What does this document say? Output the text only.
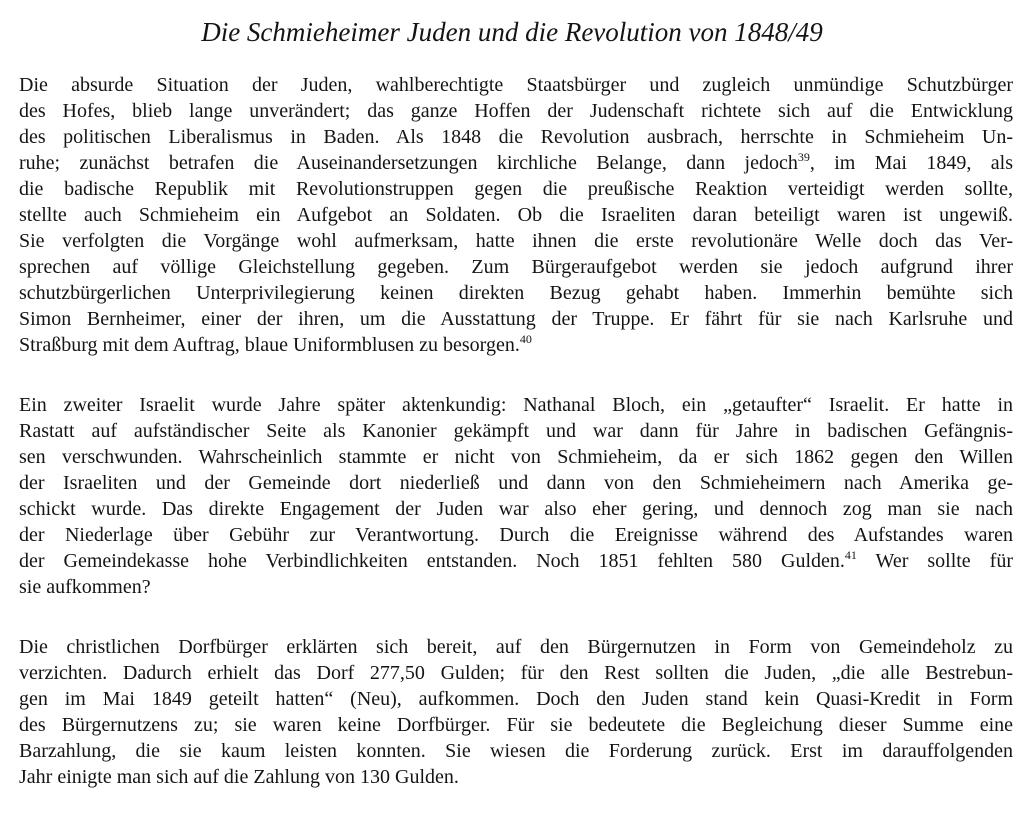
Die Schmieheimer Juden und die Revolution von 1848/49
Die absurde Situation der Juden, wahlberechtigte Staatsbürger und zugleich unmündige Schutzbürger
des Hofes, blieb lange unverändert; das ganze Hoffen der Judenschaft richtete sich auf die Entwicklung
des politischen Liberalismus in Baden. Als 1848 die Revolution ausbrach, herrschte in Schmieheim Un-
ruhe; zunächst betrafen die Auseinandersetzungen kirchliche Belange, dann jedoch$^{39}$, im Mai 1849, als
die badische Republik mit Revolutionstruppen gegen die preußische Reaktion verteidigt werden sollte,
stellte auch Schmieheim ein Aufgebot an Soldaten. Ob die Israeliten daran beteiligt waren ist ungewiß.
Sie verfolgten die Vorgänge wohl aufmerksam, hatte ihnen die erste revolutionäre Welle doch das Ver-
sprechen auf völlige Gleichstellung gegeben. Zum Bürgeraufgebot werden sie jedoch aufgrund ihrer
schutzbürgerlichen Unterprivilegierung keinen direkten Bezug gehabt haben. Immerhin bemühte sich
Simon Bernheimer, einer der ihren, um die Ausstattung der Truppe. Er fährt für sie nach Karlsruhe und
Straßburg mit dem Auftrag, blaue Uniformblusen zu besorgen.$^{40}$
Ein zweiter Israelit wurde Jahre später aktenkundig: Nathanal Bloch, ein „getaufter“ Israelit. Er hatte in
Rastatt auf aufständischer Seite als Kanonier gekämpft und war dann für Jahre in badischen Gefängnis-
sen verschwunden. Wahrscheinlich stammte er nicht von Schmieheim, da er sich 1862 gegen den Willen
der Israeliten und der Gemeinde dort niederließ und dann von den Schmieheimern nach Amerika ge-
schickt wurde. Das direkte Engagement der Juden war also eher gering, und dennoch zog man sie nach
der Niederlage über Gebühr zur Verantwortung. Durch die Ereignisse während des Aufstandes waren
der Gemeindekasse hohe Verbindlichkeiten entstanden. Noch 1851 fehlten 580 Gulden.$^{41}$ Wer sollte für
sie aufkommen?
Die christlichen Dorfbürger erklärten sich bereit, auf den Bürgernutzen in Form von Gemeindeholz zu
verzichten. Dadurch erhielt das Dorf 277,50 Gulden; für den Rest sollten die Juden, „die alle Bestrebun-
gen im Mai 1849 geteilt hatten“ (Neu), aufkommen. Doch den Juden stand kein Quasi-Kredit in Form
des Bürgernutzens zu; sie waren keine Dorfbürger. Für sie bedeutete die Begleichung dieser Summe eine
Barzahlung, die sie kaum leisten konnten. Sie wiesen die Forderung zurück. Erst im darauffolgenden
Jahr einigte man sich auf die Zahlung von 130 Gulden.
